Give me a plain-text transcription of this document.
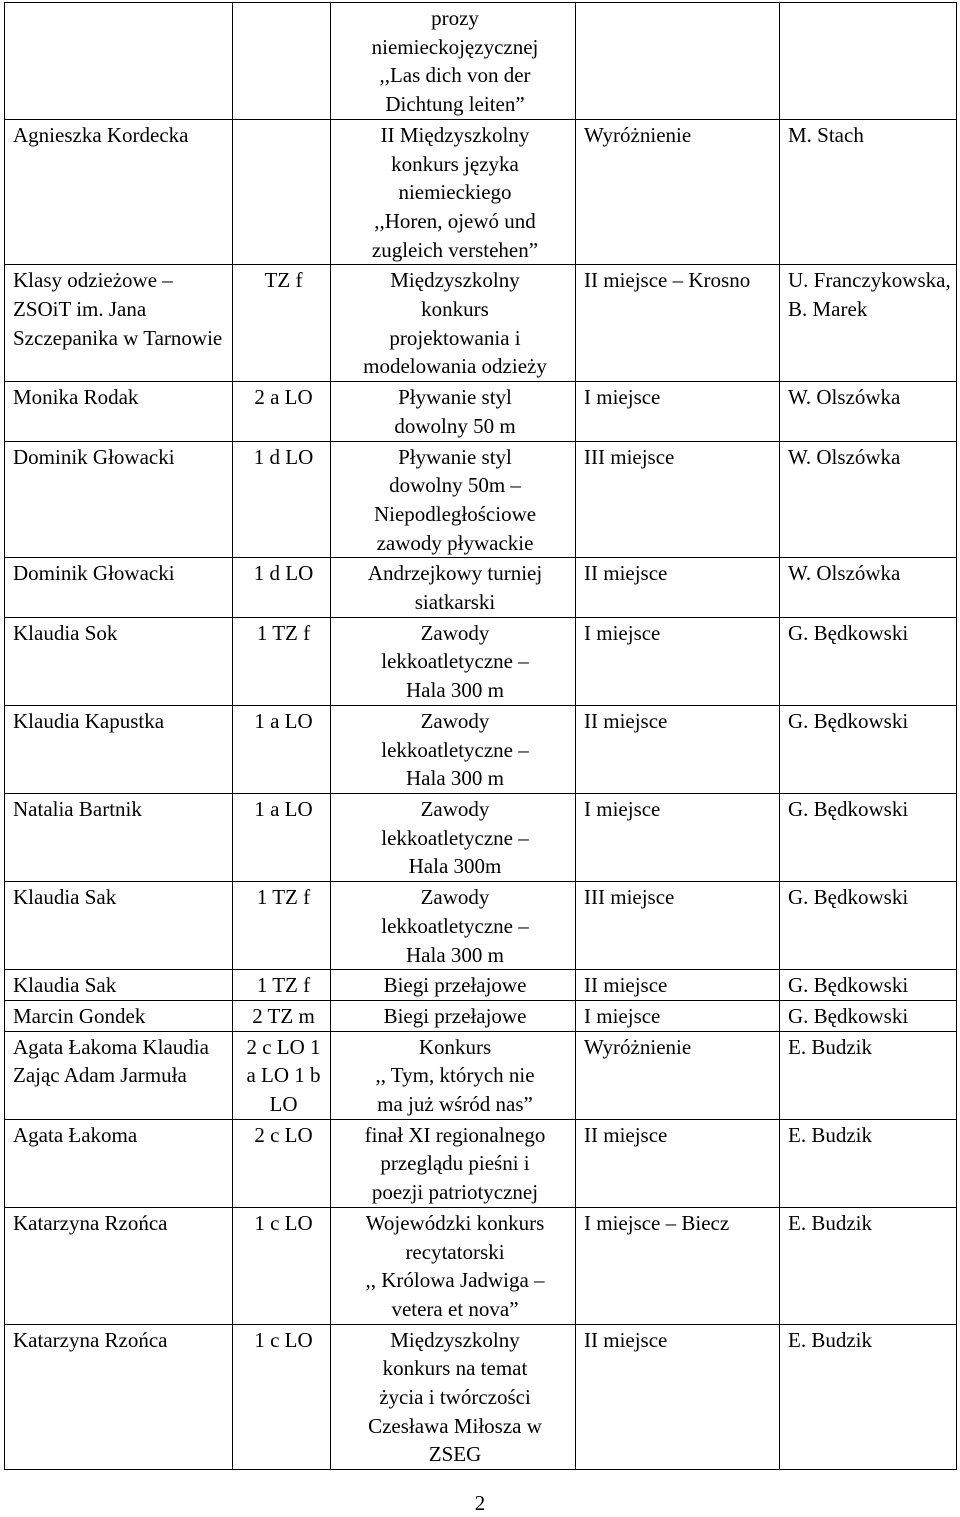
		prozy
niemieckojęzycznej
,,Las dich von der
Dichtung leiten”		

Agnieszka Kordecka		II Międzyszkolny
konkurs języka
niemieckiego
,,Horen, ojewó und
zugleich verstehen”	Wyróżnienie	M. Stach
Klasy odzieżowe – ZSOiT im. Jana Szczepanika w Tarnowie	TZ f	Międzyszkolny
konkurs
projektowania i
modelowania odzieży	II miejsce – Krosno	U. Franczykowska, B. Marek
Monika Rodak	2 a LO	Pływanie styl
dowolny 50 m	I miejsce	W. Olszówka
Dominik Głowacki	1 d LO	Pływanie styl
dowolny 50m –
Niepodległościowe
zawody pływackie	III miejsce	W. Olszówka
Dominik Głowacki	1 d LO	Andrzejkowy turniej
siatkarski	II miejsce	W. Olszówka
Klaudia Sok	1 TZ f	Zawody
lekkoatletyczne –
Hala 300 m	I miejsce	G. Będkowski
Klaudia Kapustka	1 a LO	Zawody
lekkoatletyczne –
Hala 300 m	II miejsce	G. Będkowski
Natalia Bartnik	1 a LO	Zawody
lekkoatletyczne –
Hala 300m	I miejsce	G. Będkowski
Klaudia Sak	1 TZ f	Zawody
lekkoatletyczne –
Hala 300 m	III miejsce	G. Będkowski
Klaudia Sak	1 TZ f	Biegi przełajowe	II miejsce	G. Będkowski
Marcin Gondek	2 TZ m	Biegi przełajowe	I miejsce	G. Będkowski
Agata Łakoma Klaudia Zając Adam Jarmuła	2 c LO 1 a LO 1 b LO	Konkurs
,, Tym, których nie
ma już wśród nas”	Wyróżnienie	E. Budzik
Agata Łakoma	2 c LO	finał XI regionalnego
przeglądu pieśni i
poezji patriotycznej	II miejsce	E. Budzik
Katarzyna Rzońca	1 c LO	Wojewódzki konkurs
recytatorski
,, Królowa Jadwiga –
vetera et nova”	I miejsce – Biecz	E. Budzik
Katarzyna Rzońca	1 c LO	Międzyszkolny
konkurs na temat
życia i twórczości
Czesława Miłosza w
ZSEG	II miejsce	E. Budzik
2
